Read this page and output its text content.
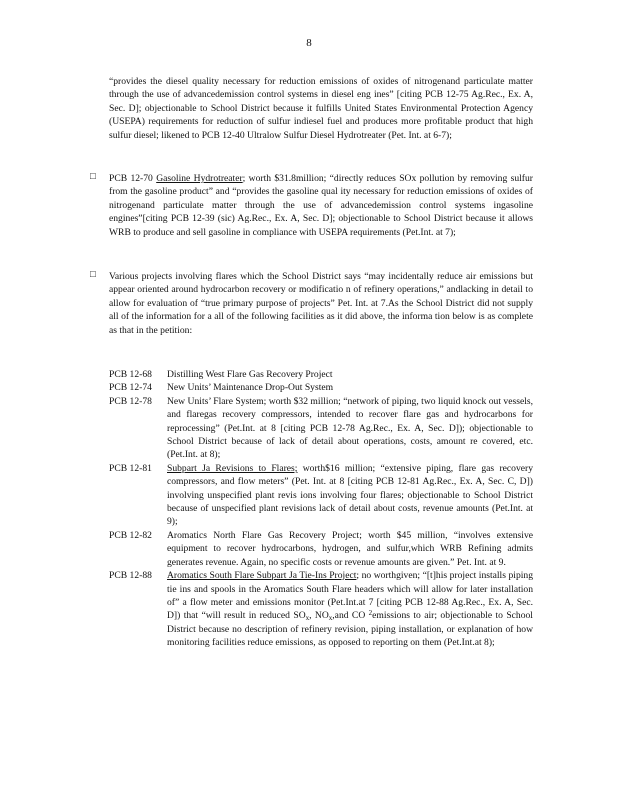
8
“provides the diesel quality necessary for reduction emissions of oxides of nitrogenand particulate matter through the use of advancedemission control systems in diesel eng ines” [citing PCB 12-75 Ag.Rec., Ex. A, Sec. D]; objectionable to School District because it fulfills United States Environmental Protection Agency (USEPA) requirements for reduction of sulfur indiesel fuel and produces more profitable product that high sulfur diesel; likened to PCB 12-40 Ultralow Sulfur Diesel Hydrotreater (Pet. Int. at 6-7);
□ PCB 12-70 Gasoline Hydrotreater; worth $31.8million; “directly reduces SOx pollution by removing sulfur from the gasoline product” and “provides the gasoline qual ity necessary for reduction emissions of oxides of nitrogenand particulate matter through the use of advancedemission control systems ingasoline engines”[citing PCB 12-39 (sic) Ag.Rec., Ex. A, Sec. D]; objectionable to School District because it allows WRB to produce and sell gasoline in compliance with USEPA requirements (Pet.Int. at 7);
□ Various projects involving flares which the School District says “may incidentally reduce air emissions but appear oriented around hydrocarbon recovery or modificatio n of refinery operations,” andlacking in detail to allow for evaluation of “true primary purpose of projects” Pet. Int. at 7.As the School District did not supply all of the information for a all of the following facilities as it did above, the informa tion below is as complete as that in the petition:
PCB 12-68	Distilling West Flare Gas Recovery Project
PCB 12-74	New Units’ Maintenance Drop-Out System
PCB 12-78	New Units’ Flare System; worth $32 million; “network of piping, two liquid knock out vessels, and flaregas recovery compressors, intended to recover flare gas and hydrocarbons for reprocessing” (Pet.Int. at 8 [citing PCB 12-78 Ag.Rec., Ex. A, Sec. D]); objectionable to School District because of lack of detail about operations, costs, amount re covered, etc. (Pet.Int. at 8);
PCB 12-81	Subpart Ja Revisions to Flares; worth$16 million; “extensive piping, flare gas recovery compressors, and flow meters” (Pet. Int. at 8 [citing PCB 12-81 Ag.Rec., Ex. A, Sec. C, D]) involving unspecified plant revis ions involving four flares; objectionable to School District because of unspecified plant revisions lack of detail about costs, revenue amounts (Pet.Int. at 9);
PCB 12-82	Aromatics North Flare Gas Recovery Project; worth $45 million, “involves extensive equipment to recover hydrocarbons, hydrogen, and sulfur,which WRB Refining admits generates revenue. Again, no specific costs or revenue amounts are given.” Pet. Int. at 9.
PCB 12-88	Aromatics South Flare Subpart Ja Tie-Ins Project; no worthgiven; “[t]his project installs piping tie ins and spools in the Aromatics South Flare headers which will allow for later installation of” a flow meter and emissions monitor (Pet.Int.at 7 [citing PCB 12-88 Ag.Rec., Ex. A, Sec. D]) that “will result in reduced $SO_x$, $NO_x,and$ CO $^2$emissions to air; objectionable to School District because no description of refinery revision, piping installation, or explanation of how monitoring facilities reduce emissions, as opposed to reporting on them (Pet.Int.at 8);
